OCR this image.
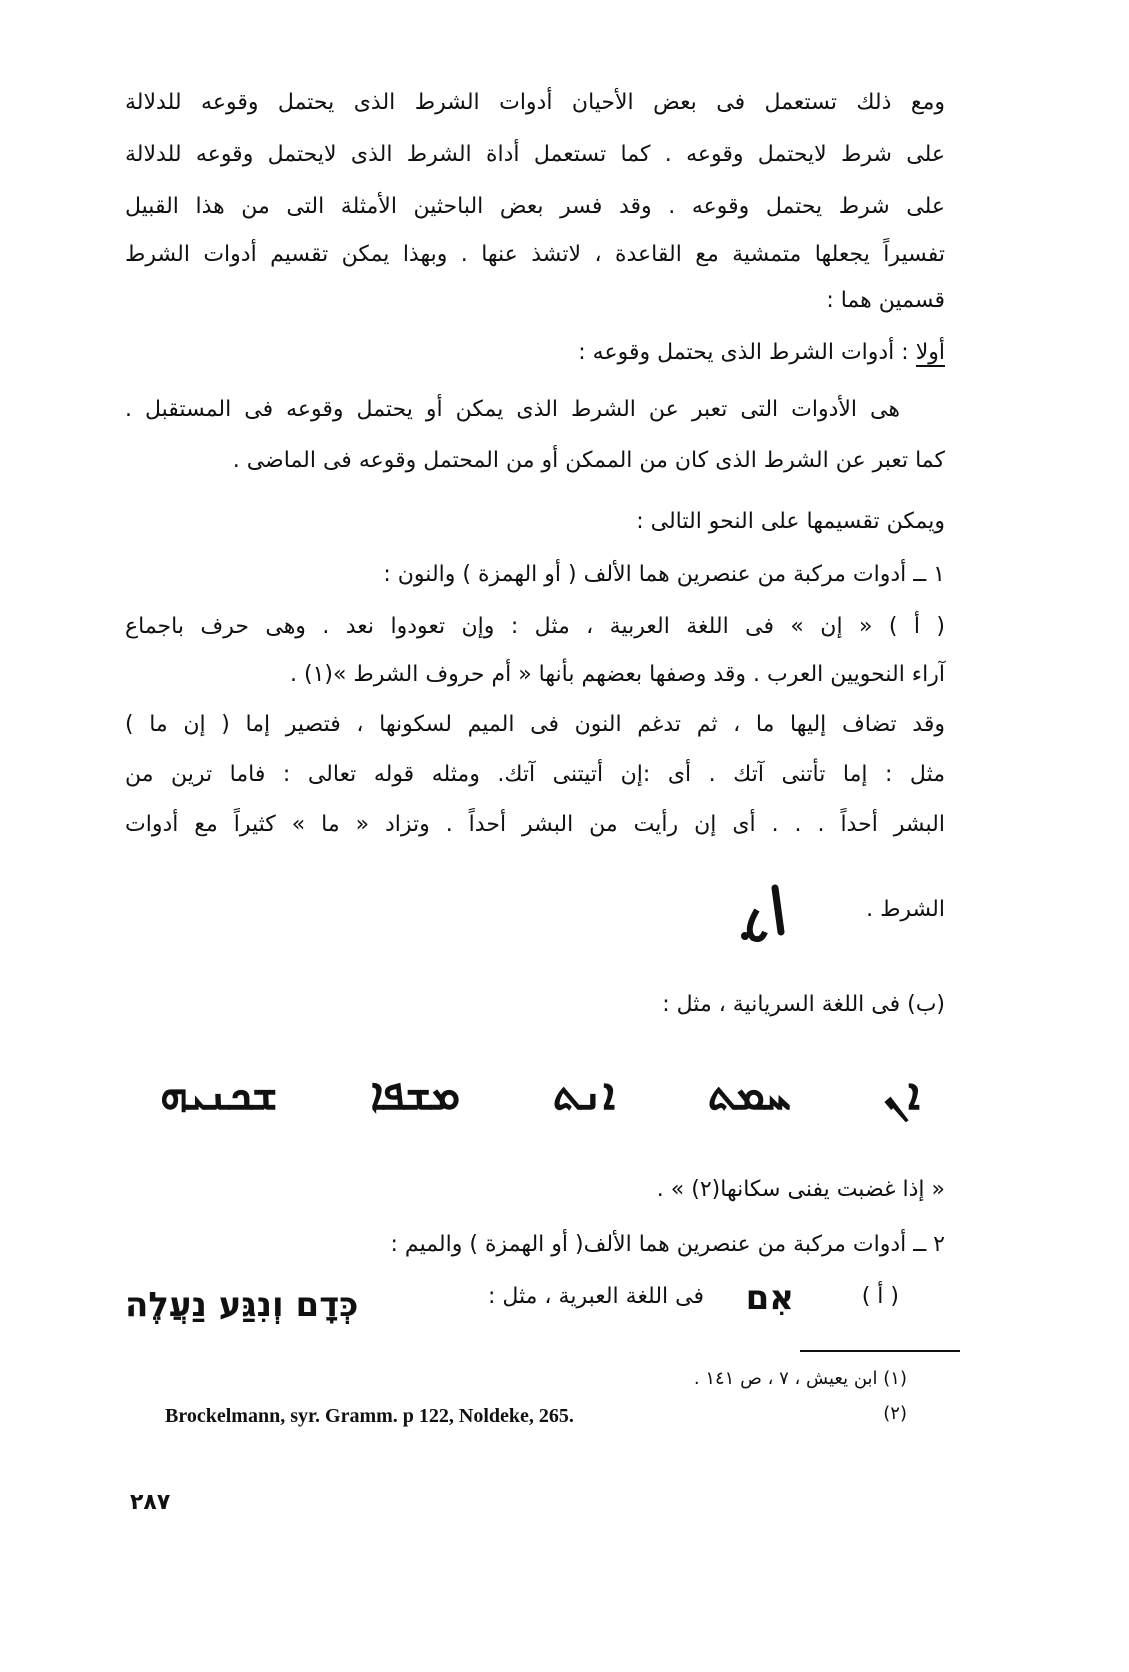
ومع ذلك تستعمل فى بعض الأحيان أدوات الشرط الذى يحتمل وقوعه للدلالة
على شرط لايحتمل وقوعه . كما تستعمل أداة الشرط الذى لايحتمل وقوعه للدلالة
على شرط يحتمل وقوعه . وقد فسر بعض الباحثين الأمثلة التى من هذا القبيل
تفسيراً يجعلها متمشية مع القاعدة ، لاتشذ عنها . وبهذا يمكن تقسيم أدوات الشرط
قسمين هما :
أولا : أدوات الشرط الذى يحتمل وقوعه :
هى الأدوات التى تعبر عن الشرط الذى يمكن أو يحتمل وقوعه فى المستقبل .
كما تعبر عن الشرط الذى كان من الممكن أو من المحتمل وقوعه فى الماضى .
ويمكن تقسيمها على النحو التالى :
١ ــ أدوات مركبة من عنصرين هما الألف ( أو الهمزة ) والنون :
( أ ) « إن » فى اللغة العربية ، مثل : وإن تعودوا نعد . وهى حرف باجماع
آراء النحويين العرب . وقد وصفها بعضهم بأنها « أم حروف الشرط »(١) .
وقد تضاف إليها ما ، ثم تدغم النون فى الميم لسكونها ، فتصير إما ( إن ما )
مثل : إما تأتنى آتك . أى :إن أتيتنى آتك. ومثله قوله تعالى : فاما ترين من
البشر أحداً . . . أى إن رأيت من البشر أحداً . وتزاد « ما » كثيراً مع أدوات
الشرط .
(ب) فى اللغة السريانية ، مثل :
ܐܢ ܚܡܬ ܐܢܬ ܡܫܦܐ ܫܟܢܝܗ
« إذا غضبت يفنى سكانها(٢) » .
٢ ــ أدوات مركبة من عنصرين هما الألف( أو الهمزة ) والميم :
( أ )
אִם
فى اللغة العبرية ، مثل :
כְּדָם וְנִגַּע נַעֲלֶה
(١) ابن يعيش ، ٧ ، ص ١٤١ .
(٢)
Brockelmann, syr. Gramm. p 122, Noldeke, 265.
٢٨٧
